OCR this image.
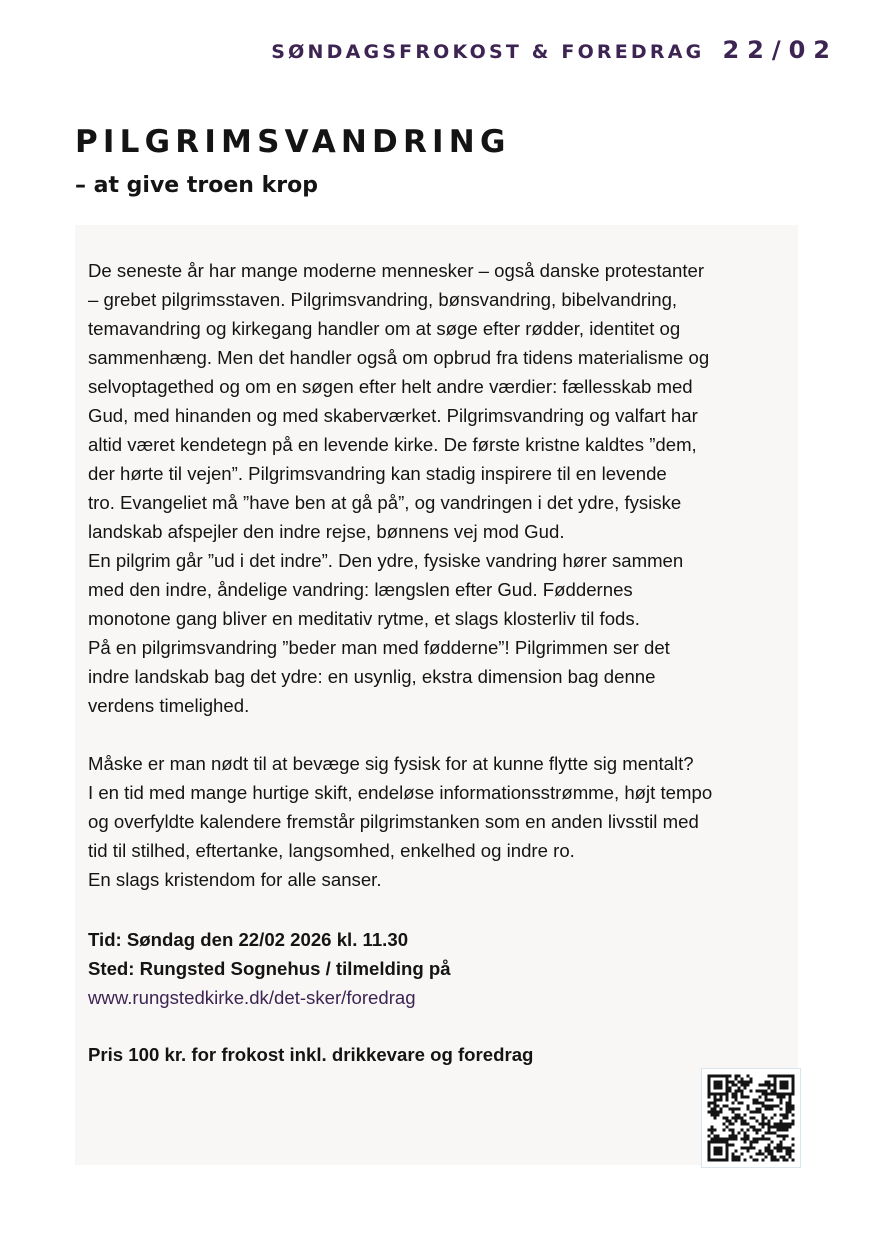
SØNDAGSFROKOST & FOREDRAG 22/02
PILGRIMSVANDRING
– at give troen krop

De seneste år har mange moderne mennesker – også danske protestanter

– grebet pilgrimsstaven. Pilgrimsvandring, bønsvandring, bibelvandring,

temavandring og kirkegang handler om at søge efter rødder, identitet og

sammenhæng. Men det handler også om opbrud fra tidens materialisme og

selvoptagethed og om en søgen efter helt andre værdier: fællesskab med

Gud, med hinanden og med skaberværket. Pilgrimsvandring og valfart har

altid været kendetegn på en levende kirke. De første kristne kaldtes ”dem,

der hørte til vejen”. Pilgrimsvandring kan stadig inspirere til en levende

tro. Evangeliet må ”have ben at gå på”, og vandringen i det ydre, fysiske

landskab afspejler den indre rejse, bønnens vej mod Gud.

En pilgrim går ”ud i det indre”. Den ydre, fysiske vandring hører sammen

med den indre, åndelige vandring: længslen efter Gud. Føddernes

monotone gang bliver en meditativ rytme, et slags klosterliv til fods.

På en pilgrimsvandring ”beder man med fødderne”! Pilgrimmen ser det

indre landskab bag det ydre: en usynlig, ekstra dimension bag denne

verdens timelighed.

Måske er man nødt til at bevæge sig fysisk for at kunne flytte sig mentalt?

I en tid med mange hurtige skift, endeløse informationsstrømme, højt tempo

og overfyldte kalendere fremstår pilgrimstanken som en anden livsstil med

tid til stilhed, eftertanke, langsomhed, enkelhed og indre ro.

En slags kristendom for alle sanser.

Tid: Søndag den 22/02 2026 kl. 11.30
Sted: Rungsted Sognehus / tilmelding på
www.rungstedkirke.dk/det-sker/foredrag
Pris 100 kr. for frokost inkl. drikkevare og foredrag
